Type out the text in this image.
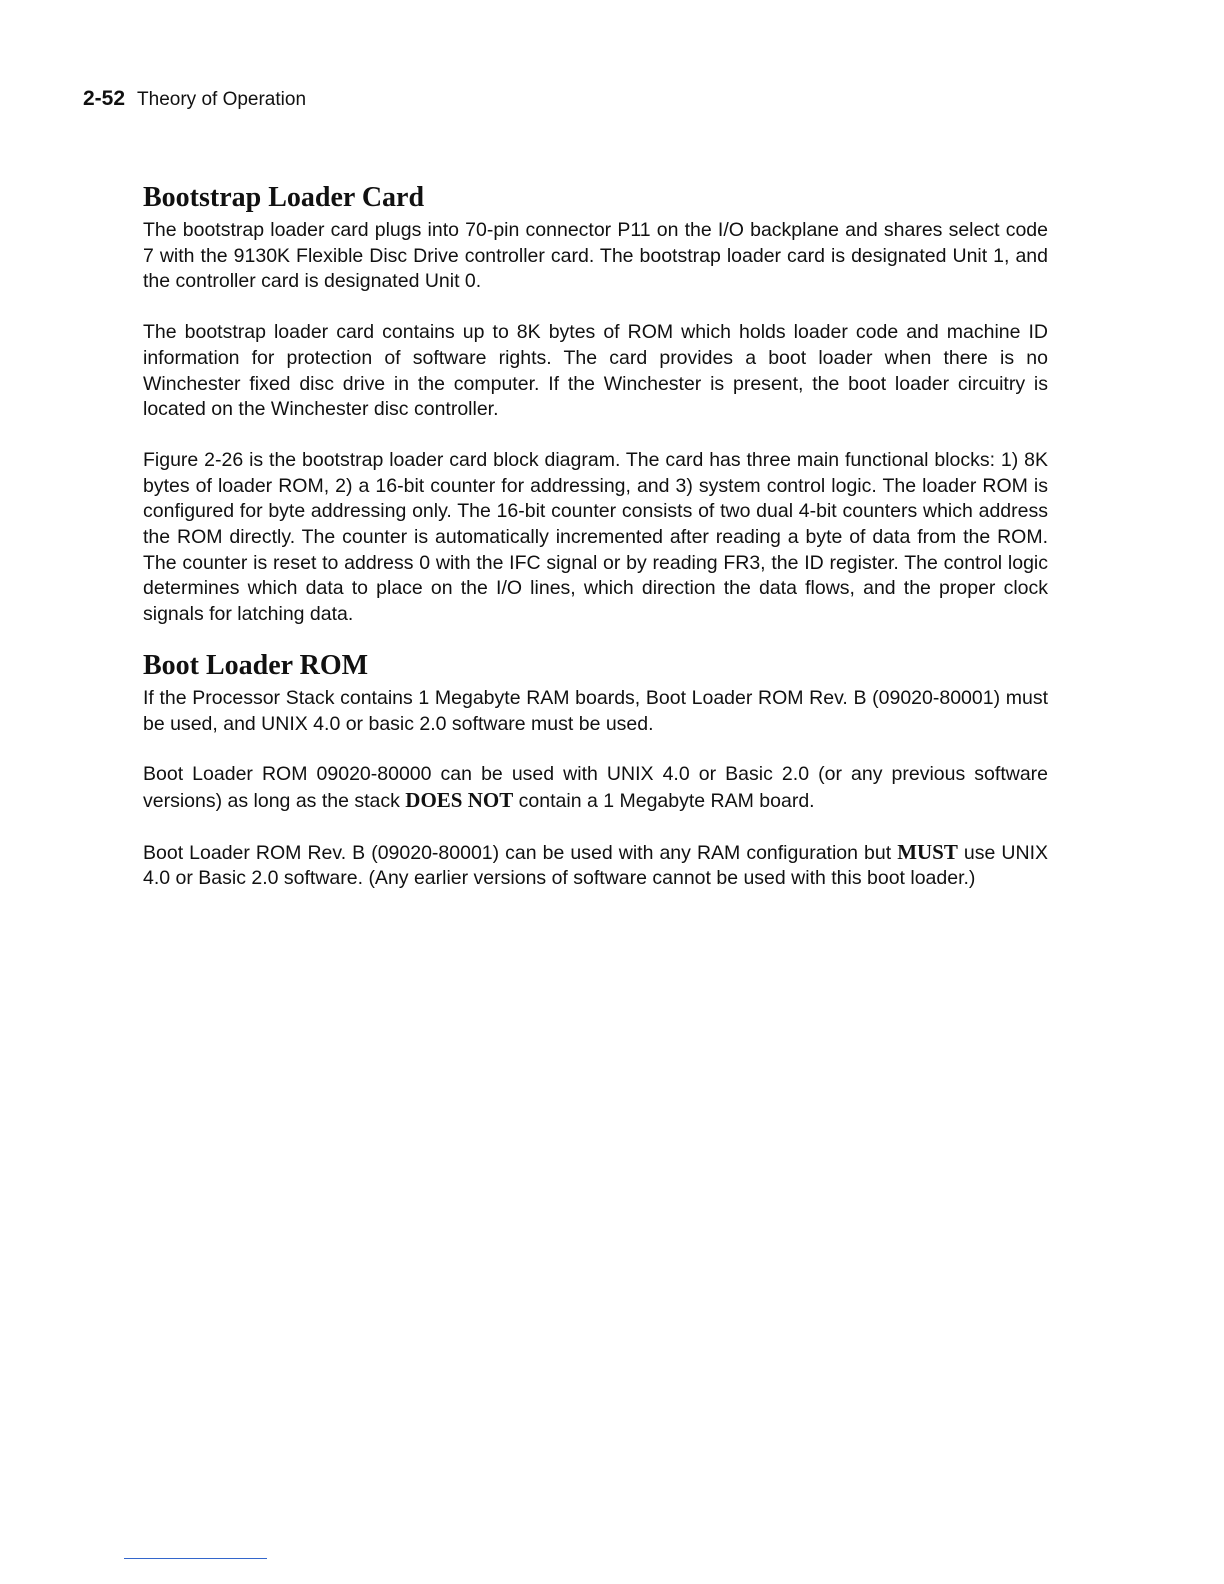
2-52 Theory of Operation
Bootstrap Loader Card

The bootstrap loader card plugs into 70-pin connector P11 on the I/O backplane and shares select code 7 with the 9130K Flexible Disc Drive controller card. The bootstrap loader card is designated Unit 1, and the controller card is designated Unit 0.

The bootstrap loader card contains up to 8K bytes of ROM which holds loader code and machine ID information for protection of software rights. The card provides a boot loader when there is no Winchester fixed disc drive in the computer. If the Winchester is present, the boot loader circuitry is located on the Winchester disc controller.

Figure 2-26 is the bootstrap loader card block diagram. The card has three main functional blocks: 1) 8K bytes of loader ROM, 2) a 16-bit counter for addressing, and 3) system control logic. The loader ROM is configured for byte addressing only. The 16-bit counter consists of two dual 4-bit counters which address the ROM directly. The counter is automatically incremented after reading a byte of data from the ROM. The counter is reset to address 0 with the IFC signal or by reading FR3, the ID register. The control logic determines which data to place on the I/O lines, which direction the data flows, and the proper clock signals for latching data.

Boot Loader ROM

If the Processor Stack contains 1 Megabyte RAM boards, Boot Loader ROM Rev. B (09020-80001) must be used, and UNIX 4.0 or basic 2.0 software must be used.

Boot Loader ROM 09020-80000 can be used with UNIX 4.0 or Basic 2.0 (or any previous software versions) as long as the stack DOES NOT contain a 1 Megabyte RAM board.

Boot Loader ROM Rev. B (09020-80001) can be used with any RAM configuration but MUST use UNIX 4.0 or Basic 2.0 software. (Any earlier versions of software cannot be used with this boot loader.)
